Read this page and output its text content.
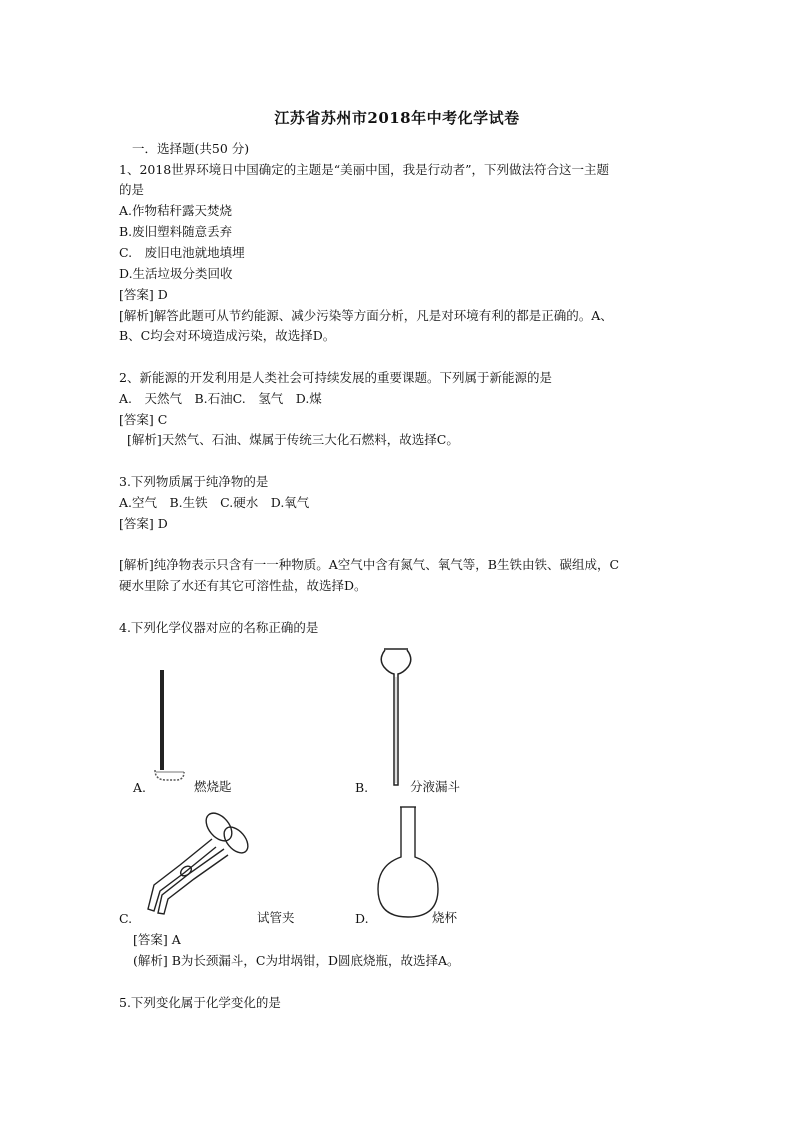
江苏省苏州市2018年中考化学试卷
一．选择题(共50 分)
1、2018世界环境日中国确定的主题是“美丽中国，我是行动者”，下列做法符合这一主题
的是
A.作物秸秆露天焚烧
B.废旧塑料随意丢弃
C.　废旧电池就地填埋
D.生活垃圾分类回收
[答案] D
[解析]解答此题可从节约能源、减少污染等方面分析，凡是对环境有利的都是正确的。A、
B、C均会对环境造成污染，故选择D。
2、新能源的开发利用是人类社会可持续发展的重要课题。下列属于新能源的是
A.　天然气　B.石油C.　氢气　D.煤
[答案] C
[解析]天然气、石油、煤属于传统三大化石燃料，故选择C。
3.下列物质属于纯净物的是
A.空气　B.生铁　C.硬水　D.氧气
[答案] D
[解析]纯净物表示只含有一一种物质。A空气中含有氮气、氧气等，B生铁由铁、碳组成，C
硬水里除了水还有其它可溶性盐，故选择D。
4.下列化学仪器对应的名称正确的是
A.	燃烧匙	B.	分液漏斗
C.	试管夹	D.	烧杯
[答案] A
(解析] B为长颈漏斗，C为坩埚钳，D圆底烧瓶，故选择A。
5.下列变化属于化学变化的是
